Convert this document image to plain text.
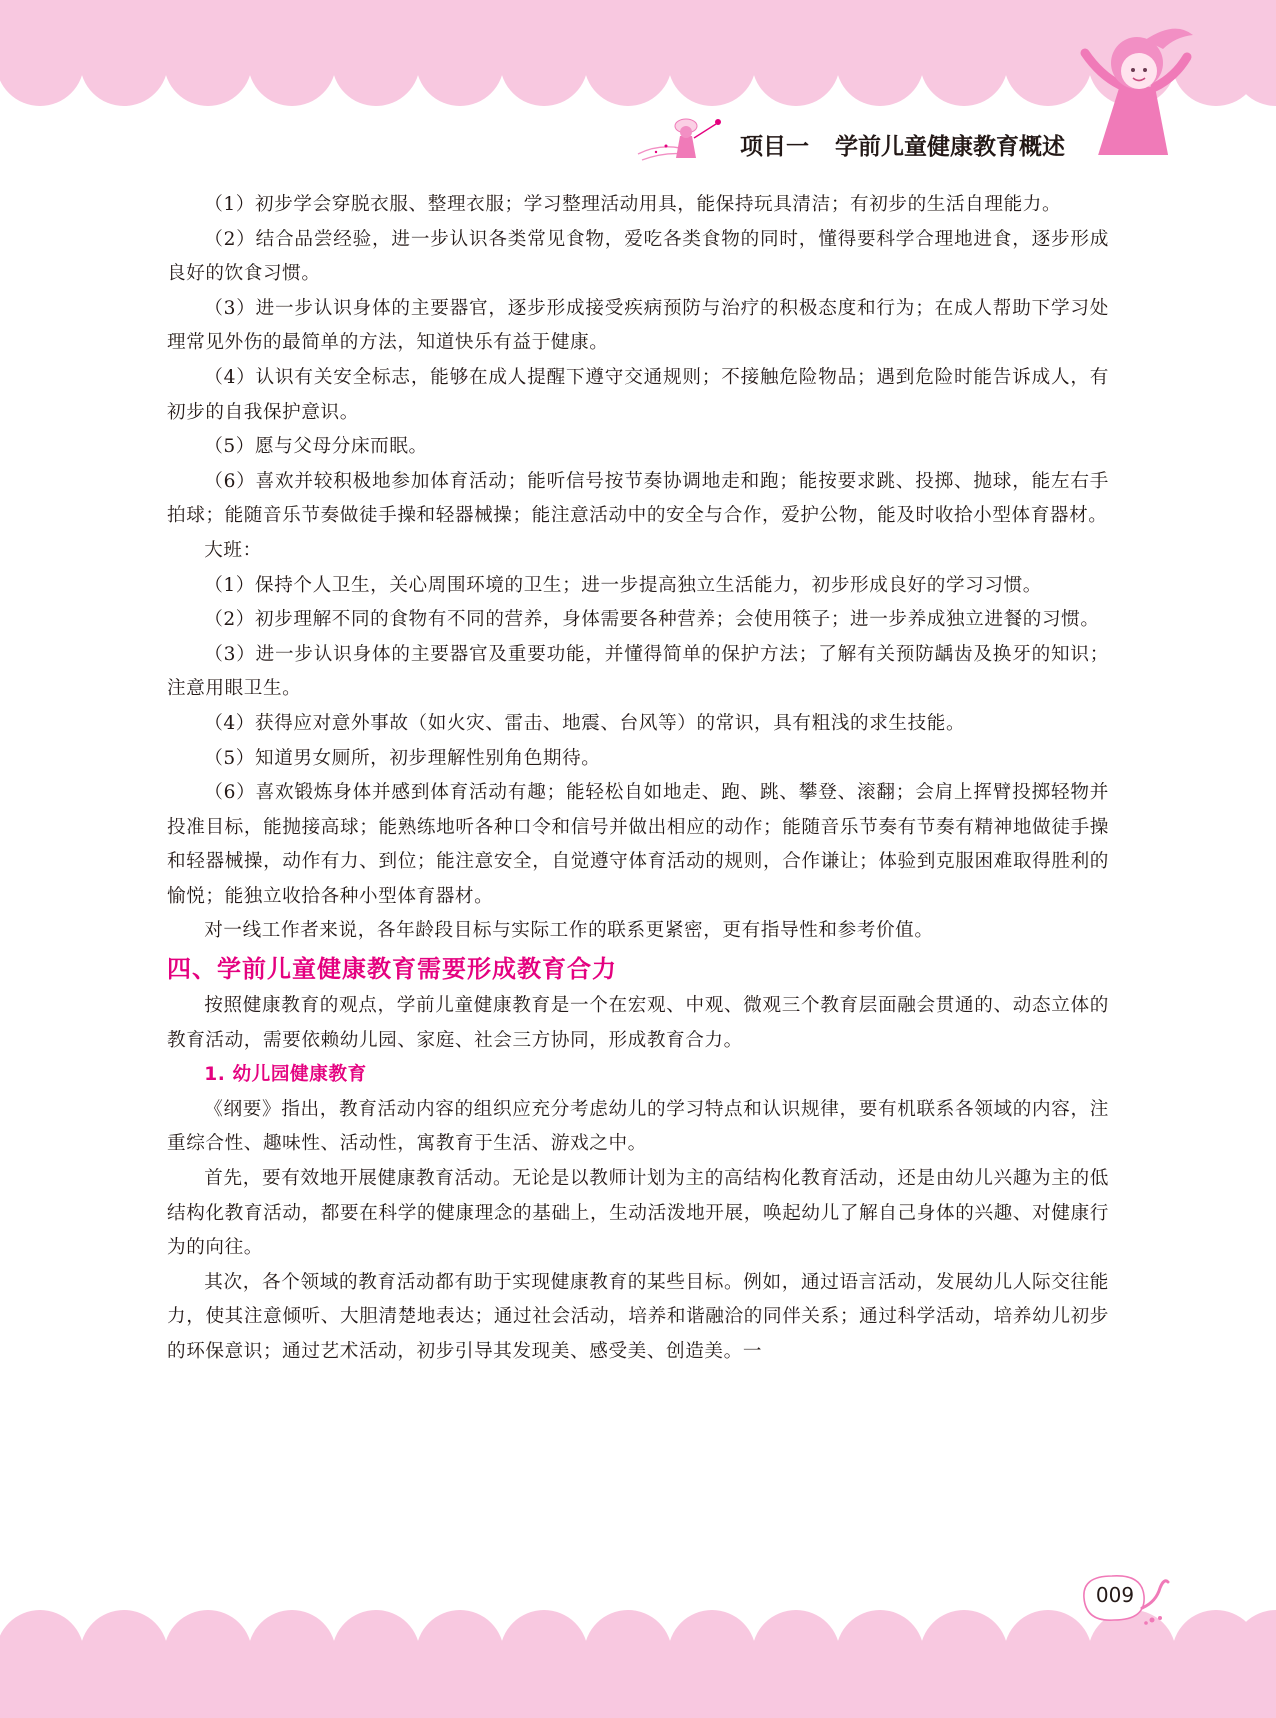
项目一 学前儿童健康教育概述

（1）初步学会穿脱衣服、整理衣服；学习整理活动用具，能保持玩具清洁；有初步的生活自理能力。

（2）结合品尝经验，进一步认识各类常见食物，爱吃各类食物的同时，懂得要科学合理地进食，逐步形成良好的饮食习惯。

（3）进一步认识身体的主要器官，逐步形成接受疾病预防与治疗的积极态度和行为；在成人帮助下学习处理常见外伤的最简单的方法，知道快乐有益于健康。

（4）认识有关安全标志，能够在成人提醒下遵守交通规则；不接触危险物品；遇到危险时能告诉成人，有初步的自我保护意识。

（5）愿与父母分床而眠。

（6）喜欢并较积极地参加体育活动；能听信号按节奏协调地走和跑；能按要求跳、投掷、抛球，能左右手拍球；能随音乐节奏做徒手操和轻器械操；能注意活动中的安全与合作，爱护公物，能及时收拾小型体育器材。

大班：

（1）保持个人卫生，关心周围环境的卫生；进一步提高独立生活能力，初步形成良好的学习习惯。

（2）初步理解不同的食物有不同的营养，身体需要各种营养；会使用筷子；进一步养成独立进餐的习惯。

（3）进一步认识身体的主要器官及重要功能，并懂得简单的保护方法；了解有关预防龋齿及换牙的知识；注意用眼卫生。

（4）获得应对意外事故（如火灾、雷击、地震、台风等）的常识，具有粗浅的求生技能。

（5）知道男女厕所，初步理解性别角色期待。

（6）喜欢锻炼身体并感到体育活动有趣；能轻松自如地走、跑、跳、攀登、滚翻；会肩上挥臂投掷轻物并投准目标，能抛接高球；能熟练地听各种口令和信号并做出相应的动作；能随音乐节奏有节奏有精神地做徒手操和轻器械操，动作有力、到位；能注意安全，自觉遵守体育活动的规则，合作谦让；体验到克服困难取得胜利的愉悦；能独立收拾各种小型体育器材。

对一线工作者来说，各年龄段目标与实际工作的联系更紧密，更有指导性和参考价值。

四、学前儿童健康教育需要形成教育合力

按照健康教育的观点，学前儿童健康教育是一个在宏观、中观、微观三个教育层面融会贯通的、动态立体的教育活动，需要依赖幼儿园、家庭、社会三方协同，形成教育合力。

1. 幼儿园健康教育

《纲要》指出，教育活动内容的组织应充分考虑幼儿的学习特点和认识规律，要有机联系各领域的内容，注重综合性、趣味性、活动性，寓教育于生活、游戏之中。

首先，要有效地开展健康教育活动。无论是以教师计划为主的高结构化教育活动，还是由幼儿兴趣为主的低结构化教育活动，都要在科学的健康理念的基础上，生动活泼地开展，唤起幼儿了解自己身体的兴趣、对健康行为的向往。

其次，各个领域的教育活动都有助于实现健康教育的某些目标。例如，通过语言活动，发展幼儿人际交往能力，使其注意倾听、大胆清楚地表达；通过社会活动，培养和谐融洽的同伴关系；通过科学活动，培养幼儿初步的环保意识；通过艺术活动，初步引导其发现美、感受美、创造美。一

009
